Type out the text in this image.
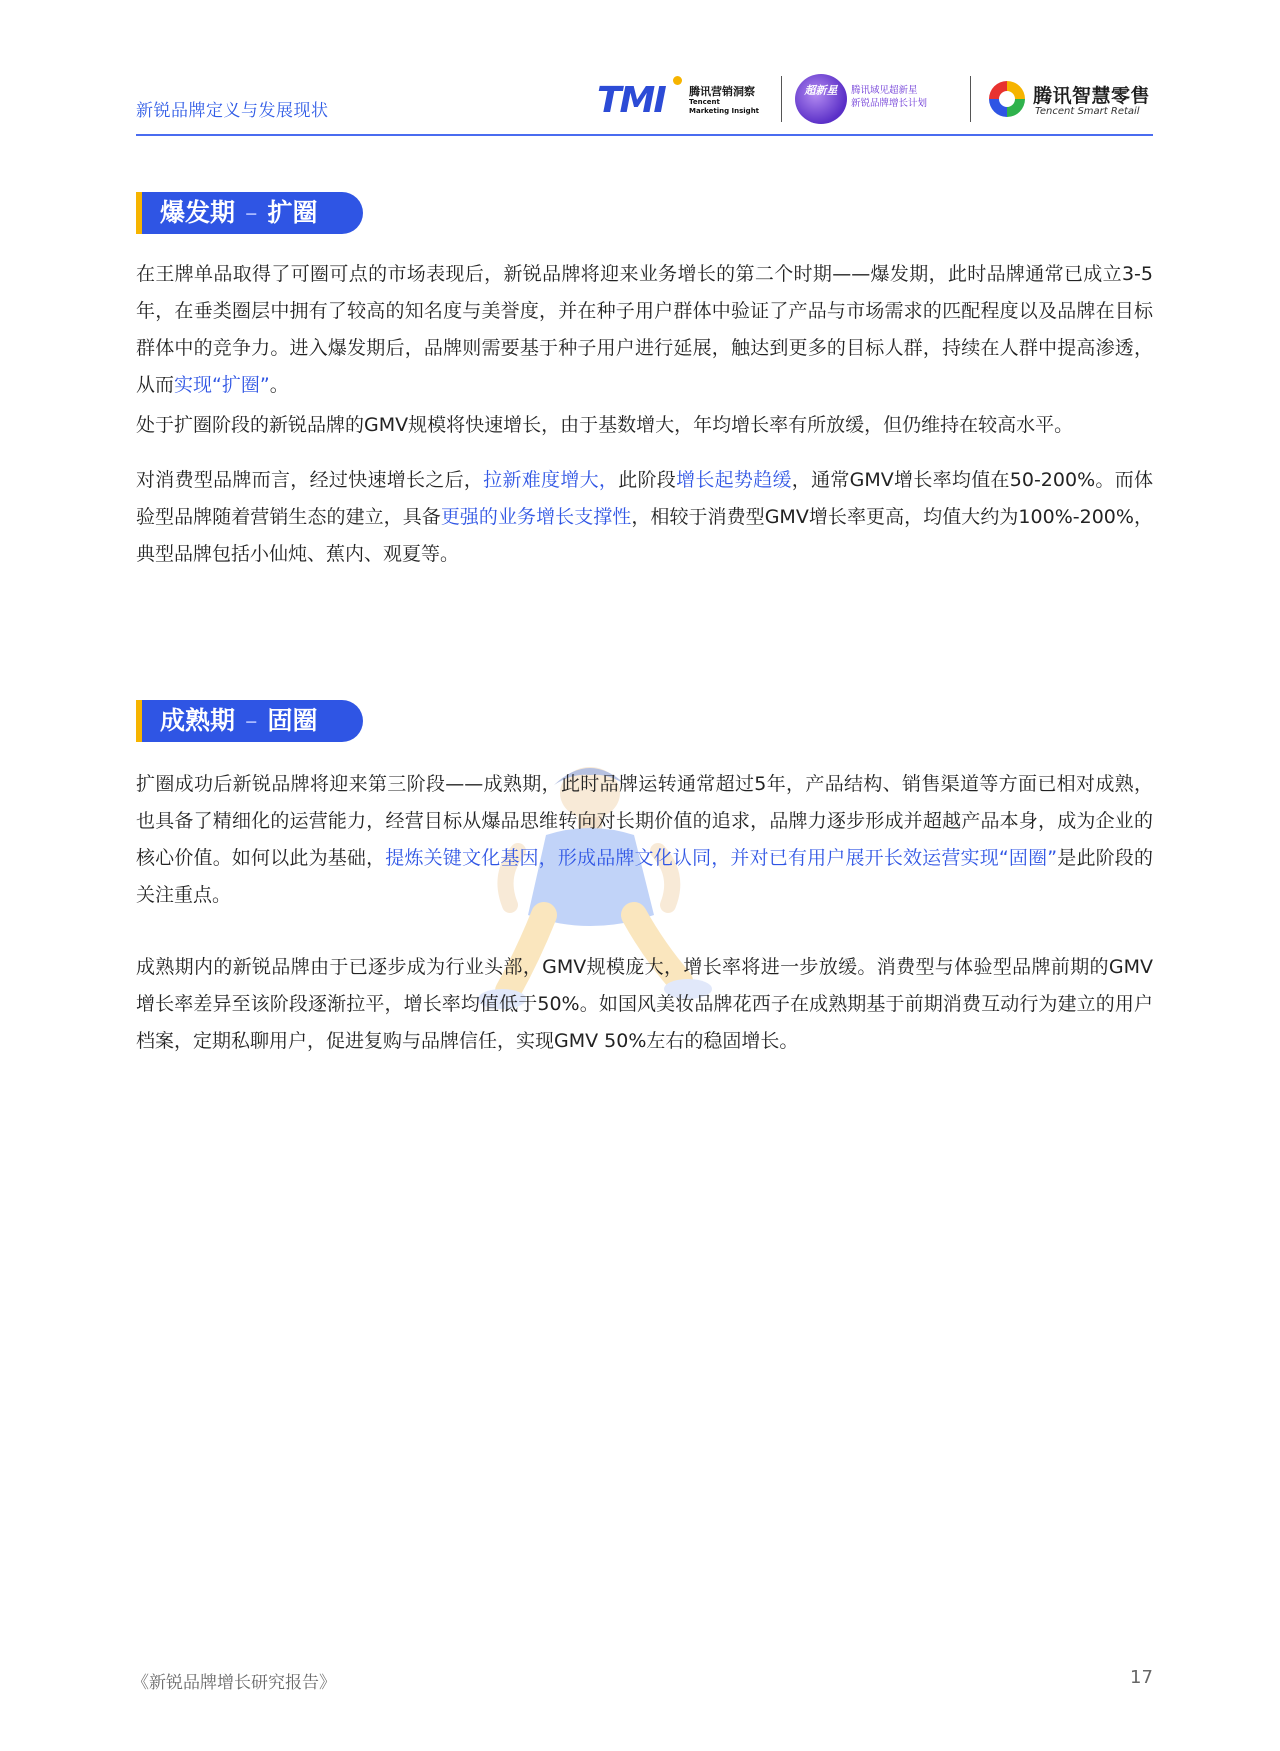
新锐品牌定义与发展现状	TMI 腾讯营销洞察
Tencent
Marketing Insight
超新星	腾讯域见超新星
新锐品牌增长计划	腾讯智慧零售
Tencent Smart Retail
爆发期 – 扩圈
在王牌单品取得了可圈可点的市场表现后，新锐品牌将迎来业务增长的第二个时期——爆发期，此时品牌通常已成立3-5年，在垂类圈层中拥有了较高的知名度与美誉度，并在种子用户群体中验证了产品与市场需求的匹配程度以及品牌在目标群体中的竞争力。进入爆发期后，品牌则需要基于种子用户进行延展，触达到更多的目标人群，持续在人群中提高渗透，从而实现“扩圈”。
处于扩圈阶段的新锐品牌的GMV规模将快速增长，由于基数增大，年均增长率有所放缓，但仍维持在较高水平。
对消费型品牌而言，经过快速增长之后，拉新难度增大，此阶段增长起势趋缓，通常GMV增长率均值在50-200%。而体验型品牌随着营销生态的建立，具备更强的业务增长支撑性，相较于消费型GMV增长率更高，均值大约为100%-200%，典型品牌包括小仙炖、蕉内、观夏等。
成熟期 – 固圈
扩圈成功后新锐品牌将迎来第三阶段——成熟期，此时品牌运转通常超过5年，产品结构、销售渠道等方面已相对成熟，也具备了精细化的运营能力，经营目标从爆品思维转向对长期价值的追求，品牌力逐步形成并超越产品本身，成为企业的核心价值。如何以此为基础，提炼关键文化基因，形成品牌文化认同，并对已有用户展开长效运营实现“固圈”是此阶段的关注重点。
成熟期内的新锐品牌由于已逐步成为行业头部，GMV规模庞大，增长率将进一步放缓。消费型与体验型品牌前期的GMV增长率差异至该阶段逐渐拉平，增长率均值低于50%。如国风美妆品牌花西子在成熟期基于前期消费互动行为建立的用户档案，定期私聊用户，促进复购与品牌信任，实现GMV 50%左右的稳固增长。
《新锐品牌增长研究报告》	17
